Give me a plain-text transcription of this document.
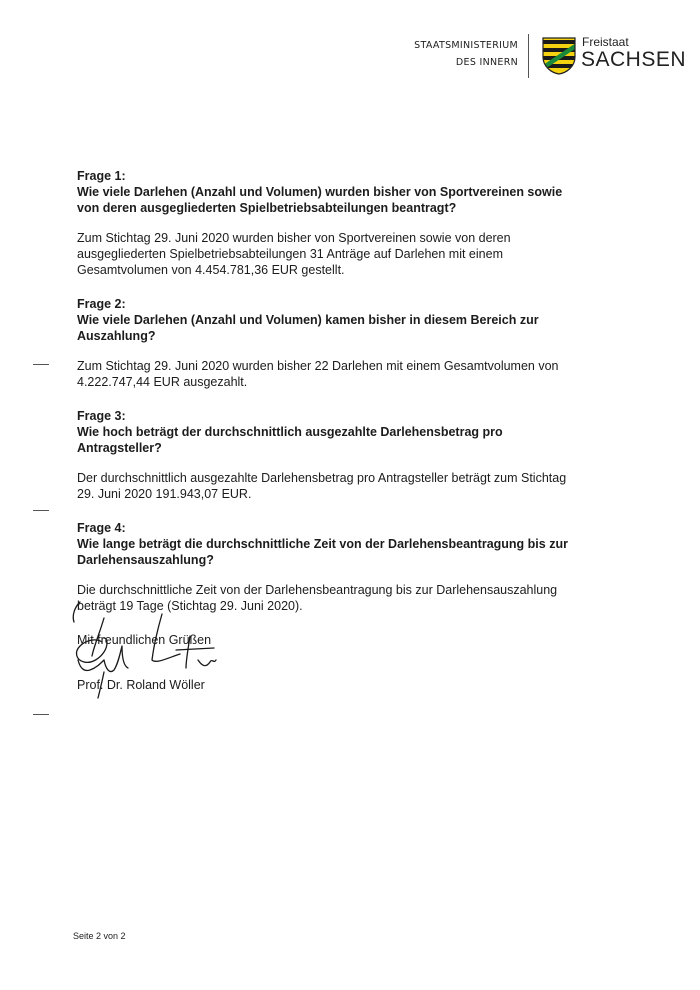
STAATSMINISTERIUM
DES INNERN
Freistaat
SACHSEN

Frage 1:

Wie viele Darlehen (Anzahl und Volumen) wurden bisher von Sportvereinen sowie von deren ausgegliederten Spielbetriebsabteilungen beantragt?

Zum Stichtag 29. Juni 2020 wurden bisher von Sportvereinen sowie von deren ausgegliederten Spielbetriebsabteilungen 31 Anträge auf Darlehen mit einem Gesamtvolumen von 4.454.781,36 EUR gestellt.

Frage 2:

Wie viele Darlehen (Anzahl und Volumen) kamen bisher in diesem Bereich zur Auszahlung?

Zum Stichtag 29. Juni 2020 wurden bisher 22 Darlehen mit einem Gesamtvolumen von 4.222.747,44 EUR ausgezahlt.

Frage 3:

Wie hoch beträgt der durchschnittlich ausgezahlte Darlehensbetrag pro Antragsteller?

Der durchschnittlich ausgezahlte Darlehensbetrag pro Antragsteller beträgt zum Stichtag 29. Juni 2020 191.943,07 EUR.

Frage 4:

Wie lange beträgt die durchschnittliche Zeit von der Darlehensbeantragung bis zur Darlehensauszahlung?

Die durchschnittliche Zeit von der Darlehensbeantragung bis zur Darlehensauszahlung beträgt 19 Tage (Stichtag 29. Juni 2020).

Mit freundlichen Grüßen

Prof. Dr. Roland Wöller
Seite 2 von 2
